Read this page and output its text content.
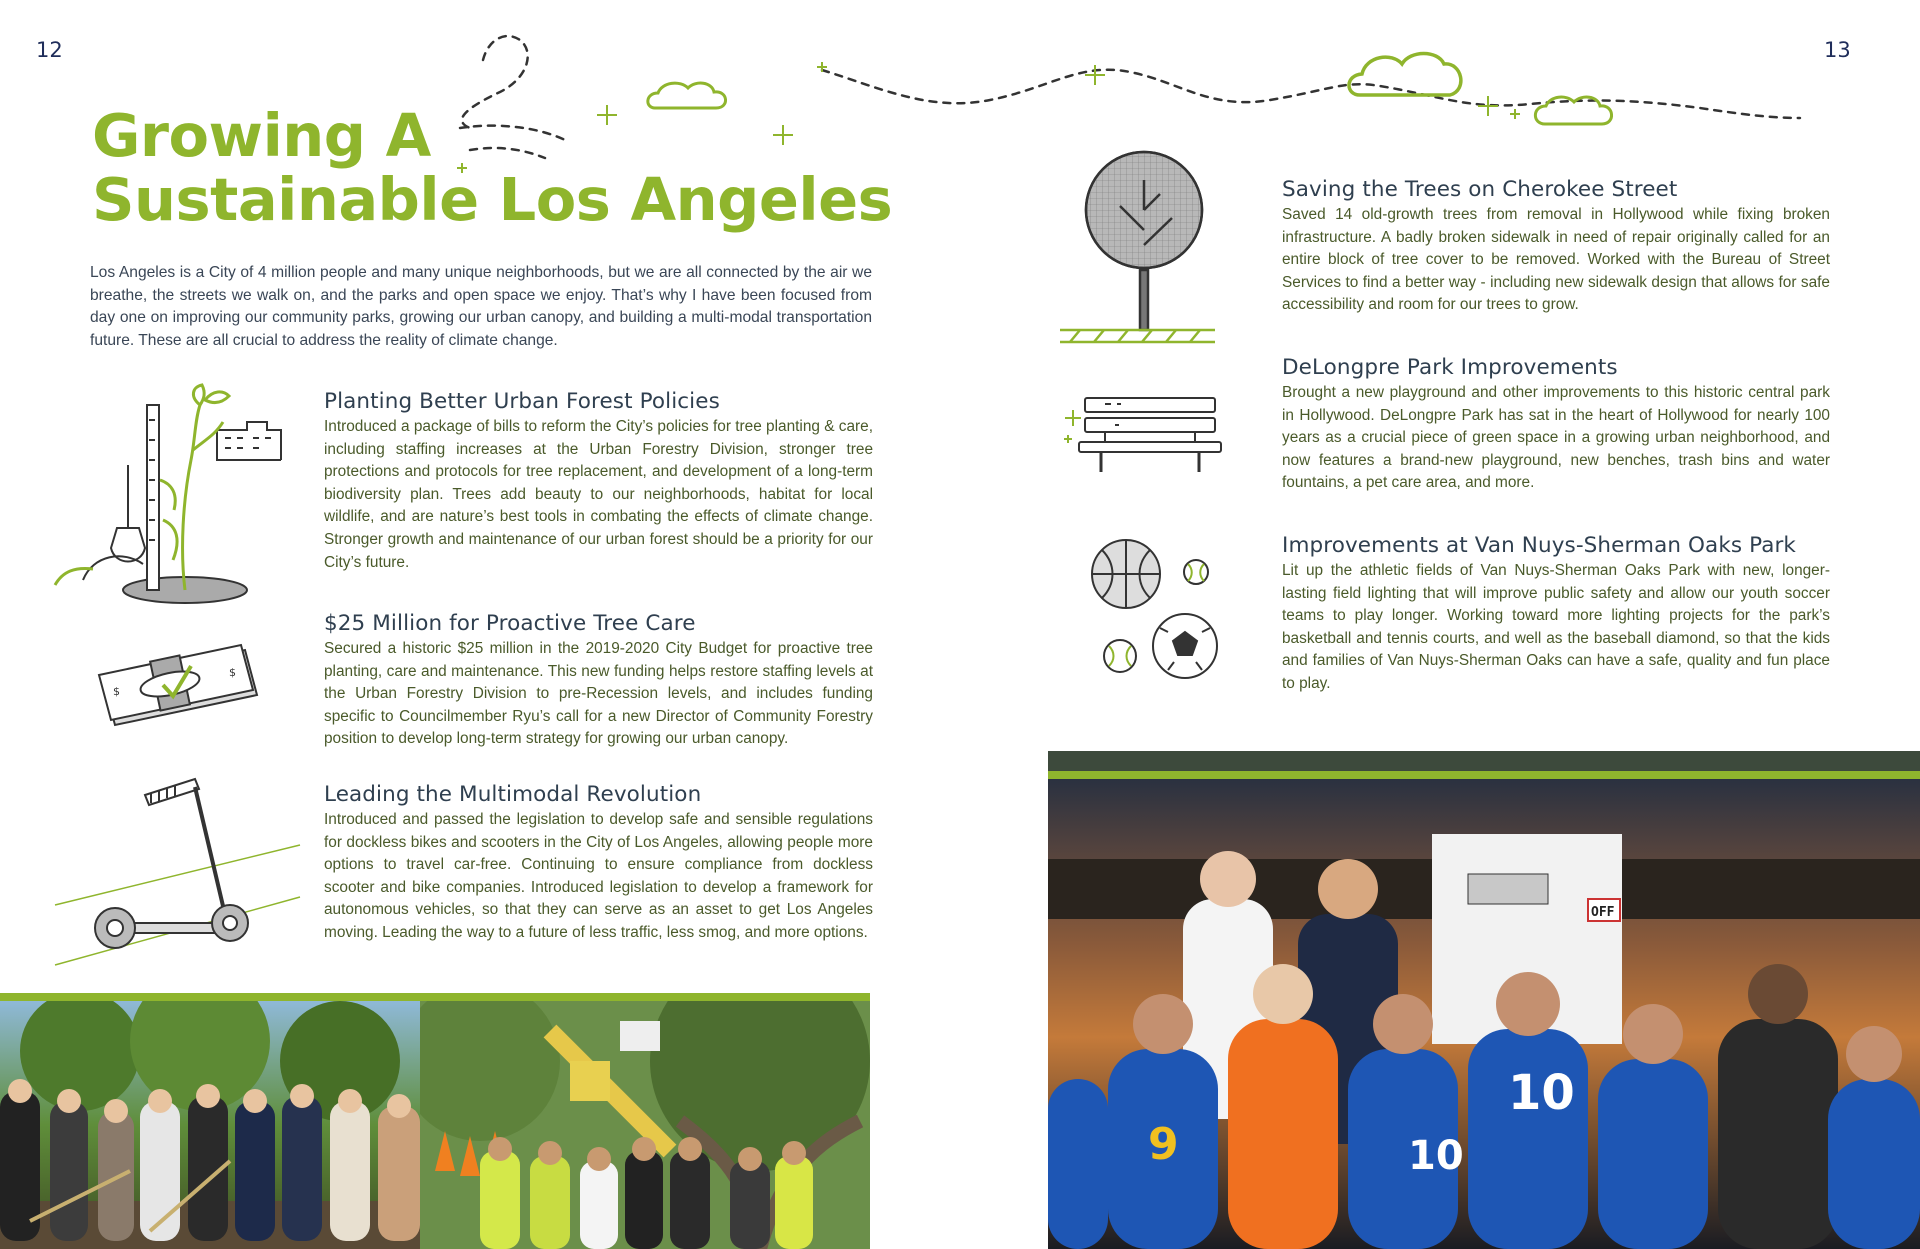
12	13
Growing A
Sustainable Los Angeles

Los Angeles is a City of 4 million people and many unique neighborhoods, but we are all connected by the air we breathe, the streets we walk on, and the parks and open space we enjoy. That’s why I have been focused from day one on improving our community parks, growing our urban canopy, and building a multi-modal transportation future. These are all crucial to address the reality of climate change.

Planting Better Urban Forest Policies

Introduced a package of bills to reform the City’s policies for tree planting & care, including staffing increases at the Urban Forestry Division, stronger tree protections and protocols for tree replacement, and development of a long-term biodiversity plan. Trees add beauty to our neighborhoods, habitat for local wildlife, and are nature’s best tools in combating the effects of climate change. Stronger growth and maintenance of our urban forest should be a priority for our City’s future.

$25 Million for Proactive Tree Care

Secured a historic $25 million in the 2019-2020 City Budget for proactive tree planting, care and maintenance. This new funding helps restore staffing levels at the Urban Forestry Division to pre-Recession levels, and includes funding specific to Councilmember Ryu’s call for a new Director of Community Forestry position to develop long-term strategy for growing our urban canopy.

$
$
Leading the Multimodal Revolution

Introduced and passed the legislation to develop safe and sensible regulations for dockless bikes and scooters in the City of Los Angeles, allowing people more options to travel car-free. Continuing to ensure compliance from dockless scooter and bike companies. Introduced legislation to develop a framework for autonomous vehicles, so that they can serve as an asset to get Los Angeles moving. Leading the way to a future of less traffic, less smog, and more options.

Saving the Trees on Cherokee Street

Saved 14 old-growth trees from removal in Hollywood while fixing broken infrastructure. A badly broken sidewalk in need of repair originally called for an entire block of tree cover to be removed. Worked with the Bureau of Street Services to find a better way - including new sidewalk design that allows for safe accessibility and room for our trees to grow.

DeLongpre Park Improvements

Brought a new playground and other improvements to this historic central park in Hollywood. DeLongpre Park has sat in the heart of Hollywood for nearly 100 years as a crucial piece of green space in a growing urban neighborhood, and now features a brand-new playground, new benches, trash bins and water fountains, a pet care area, and more.

Improvements at Van Nuys-Sherman Oaks Park

Lit up the athletic fields of Van Nuys-Sherman Oaks Park with new, longer-lasting field lighting that will improve public safety and allow our youth soccer teams to play longer. Working toward more lighting projects for the park’s basketball and tennis courts, and well as the baseball diamond, so that the kids and families of Van Nuys-Sherman Oaks can have a safe, quality and fun place to play.

OFF
10
9	10
